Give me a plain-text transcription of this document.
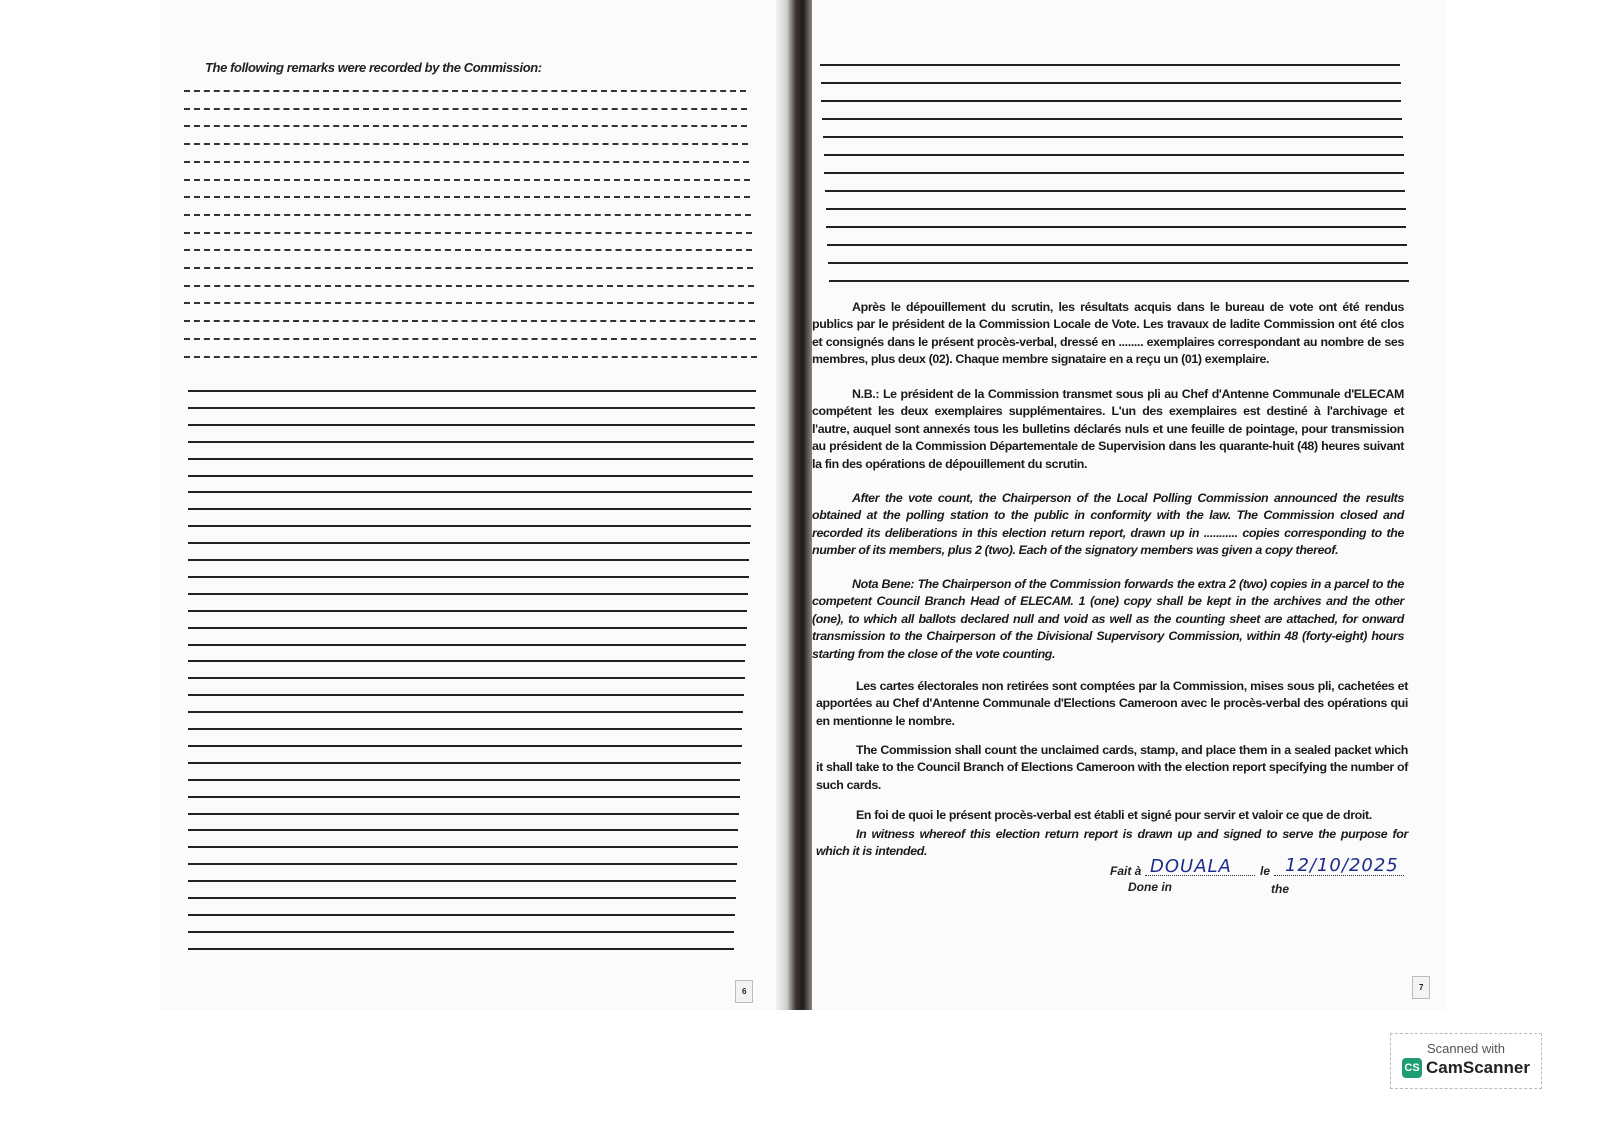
The following remarks were recorded by the Commission:
Après le dépouillement du scrutin, les résultats acquis dans le bureau de vote ont été rendus publics par le président de la Commission Locale de Vote. Les travaux de ladite Commission ont été clos et consignés dans le présent procès-verbal, dressé en ........ exemplaires correspondant au nombre de ses membres, plus deux (02). Chaque membre signataire en a reçu un (01) exemplaire.
N.B.: Le président de la Commission transmet sous pli au Chef d'Antenne Communale d'ELECAM compétent les deux exemplaires supplémentaires. L'un des exemplaires est destiné à l'archivage et l'autre, auquel sont annexés tous les bulletins déclarés nuls et une feuille de pointage, pour transmission au président de la Commission Départementale de Supervision dans les quarante-huit (48) heures suivant la fin des opérations de dépouillement du scrutin.
After the vote count, the Chairperson of the Local Polling Commission announced the results obtained at the polling station to the public in conformity with the law. The Commission closed and recorded its deliberations in this election return report, drawn up in ........... copies corresponding to the number of its members, plus 2 (two). Each of the signatory members was given a copy thereof.
Nota Bene: The Chairperson of the Commission forwards the extra 2 (two) copies in a parcel to the competent Council Branch Head of ELECAM. 1 (one) copy shall be kept in the archives and the other (one), to which all ballots declared null and void as well as the counting sheet are attached, for onward transmission to the Chairperson of the Divisional Supervisory Commission, within 48 (forty-eight) hours starting from the close of the vote counting.
Les cartes électorales non retirées sont comptées par la Commission, mises sous pli, cachetées et apportées au Chef d'Antenne Communale d'Elections Cameroon avec le procès-verbal des opérations qui en mentionne le nombre.
The Commission shall count the unclaimed cards, stamp, and place them in a sealed packet which it shall take to the Council Branch of Elections Cameroon with the election report specifying the number of such cards.
En foi de quoi le présent procès-verbal est établi et signé pour servir et valoir ce que de droit.
In witness whereof this election return report is drawn up and signed to serve the purpose for which it is intended.
Fait à
Done in
DOUALA le
the
12/10/2025
6	7
Scanned with
CS CamScanner
